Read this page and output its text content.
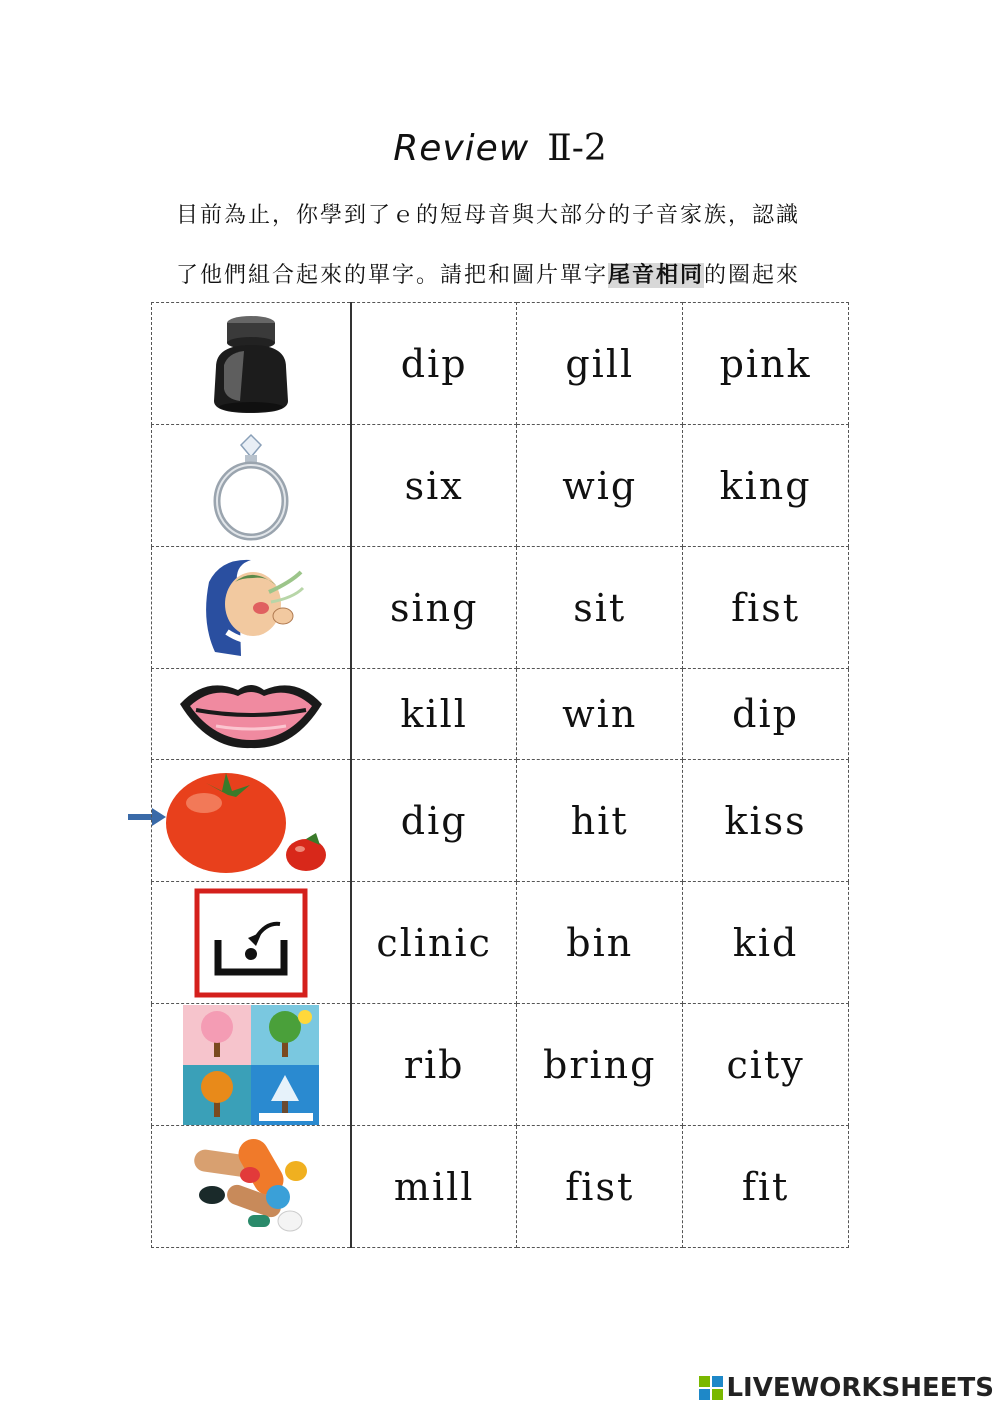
Review Ⅱ-2
目前為止，你學到了ｅ的短母音與大部分的子音家族，認識
了他們組合起來的單字。請把和圖片單字尾音相同的圈起來
	dip	gill	pink

	six	wig	king

	sing	sit	fist

	kill	win	dip

	dig	hit	kiss

	clinic	bin	kid

	rib	bring	city

	mill	fist	fit
LIVEWORKSHEETS
